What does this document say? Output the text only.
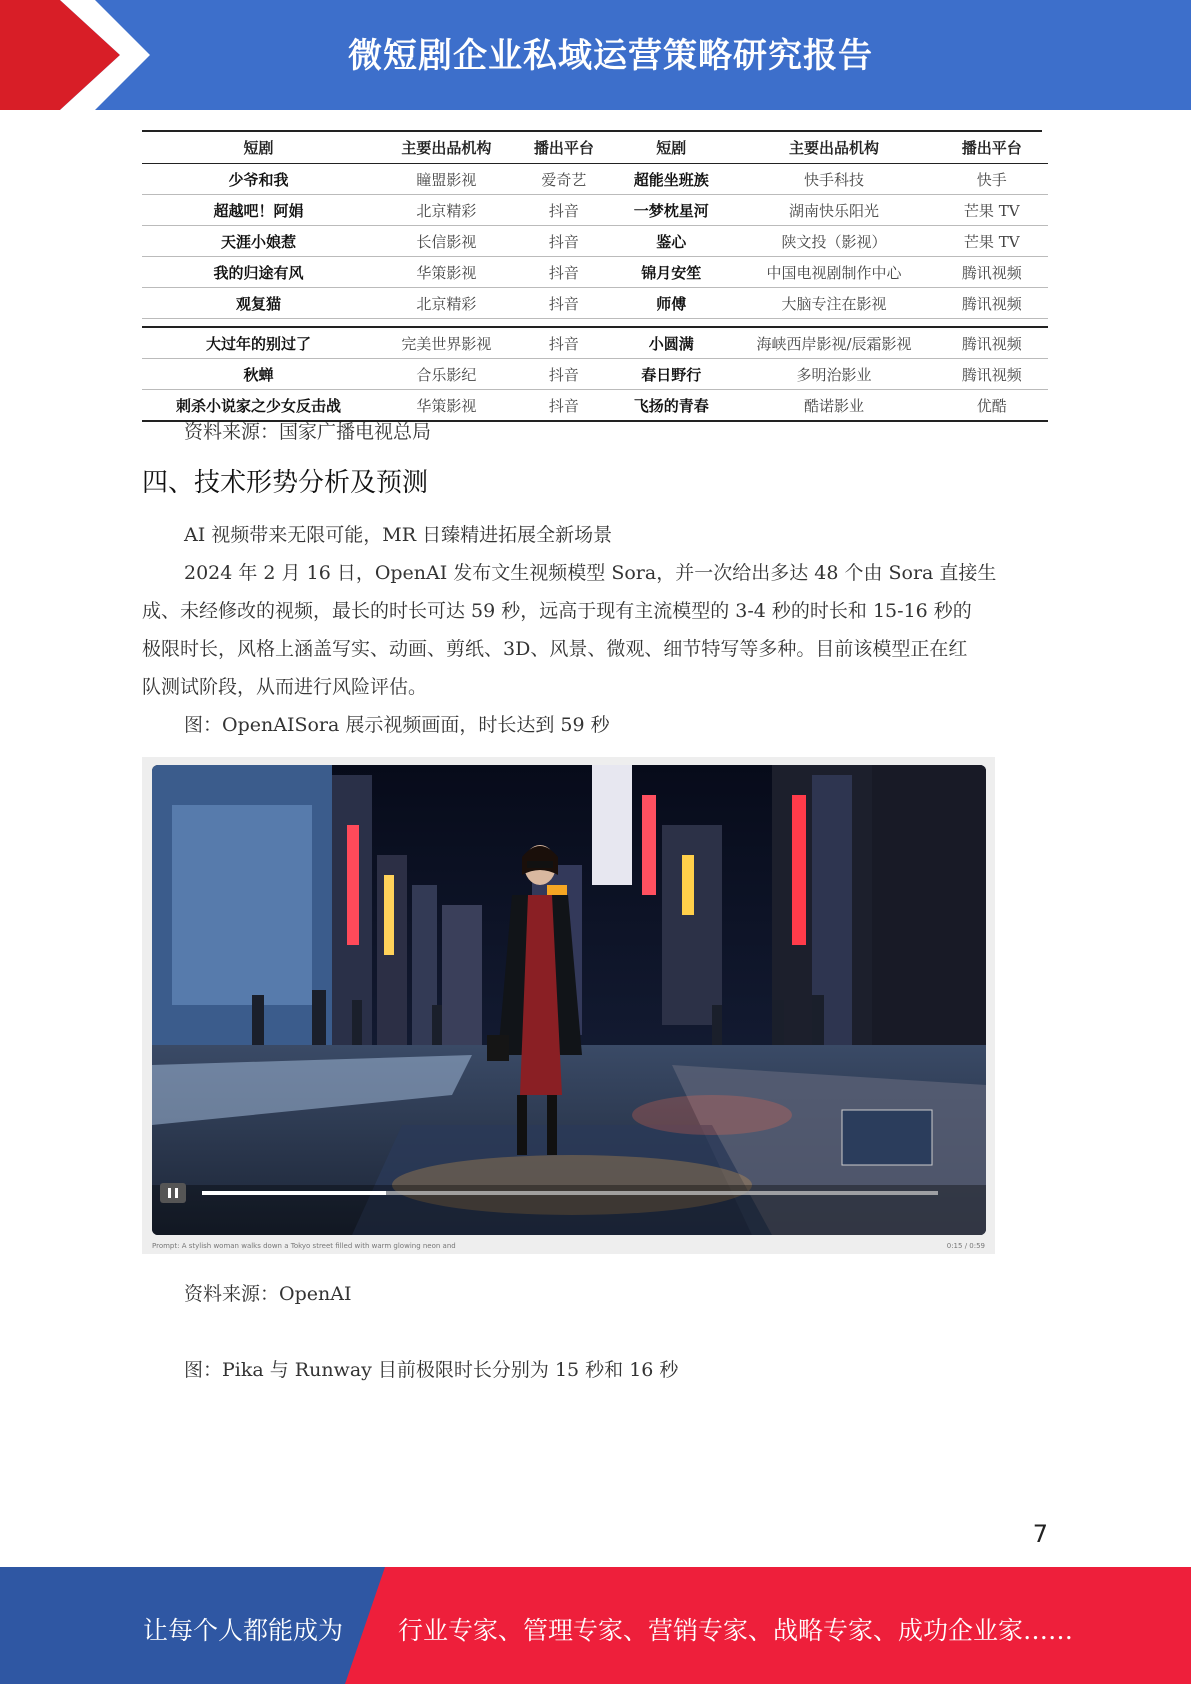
微短剧企业私域运营策略研究报告
短剧	主要出品机构	播出平台	短剧	主要出品机构	播出平台
少爷和我	瞳盟影视	爱奇艺	超能坐班族	快手科技	快手
超越吧！阿娟	北京精彩	抖音	一梦枕星河	湖南快乐阳光	芒果 TV
天涯小娘惹	长信影视	抖音	鉴心	陕文投（影视）	芒果 TV
我的归途有风	华策影视	抖音	锦月安笙	中国电视剧制作中心	腾讯视频
观复猫	北京精彩	抖音	师傅	大脑专注在影视	腾讯视频

大过年的别过了	完美世界影视	抖音	小圆满	海峡西岸影视/辰霜影视	腾讯视频
秋蝉	合乐影纪	抖音	春日野行	多明治影业	腾讯视频
刺杀小说家之少女反击战	华策影视	抖音	飞扬的青春	酷诺影业	优酷
资料来源：国家广播电视总局
四、技术形势分析及预测
AI 视频带来无限可能，MR 日臻精进拓展全新场景
2024 年 2 月 16 日，OpenAI 发布文生视频模型 Sora，并一次给出多达 48 个由 Sora 直接生
成、未经修改的视频，最长的时长可达 59 秒，远高于现有主流模型的 3-4 秒的时长和 15-16 秒的
极限时长，风格上涵盖写实、动画、剪纸、3D、风景、微观、细节特写等多种。目前该模型正在红
队测试阶段，从而进行风险评估。
图：OpenAISora 展示视频画面，时长达到 59 秒
Prompt: A stylish woman walks down a Tokyo street filled with warm glowing neon and	0:15 / 0:59
资料来源：OpenAI
图：Pika 与 Runway 目前极限时长分别为 15 秒和 16 秒
7
让每个人都能成为 行业专家、管理专家、营销专家、战略专家、成功企业家……
